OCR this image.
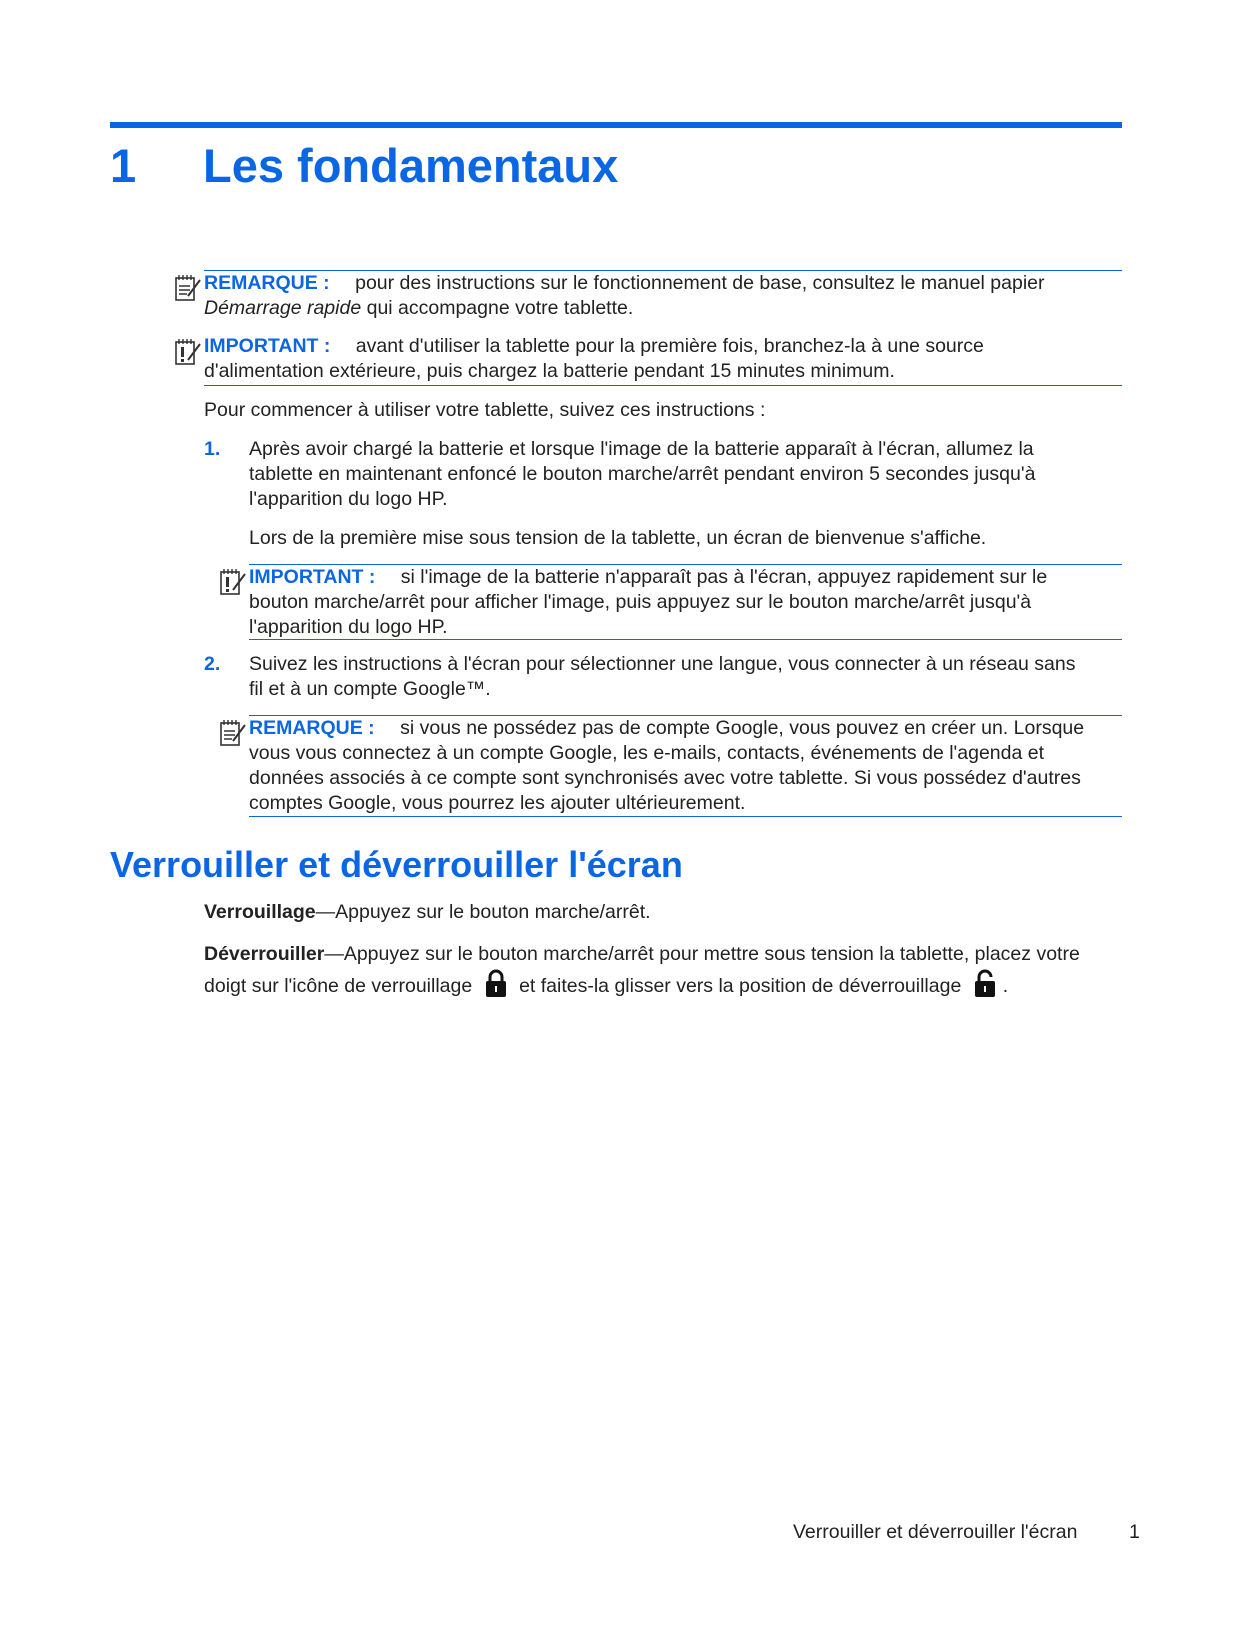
1 Les fondamentaux
REMARQUE : pour des instructions sur le fonctionnement de base, consultez le manuel papier
Démarrage rapide qui accompagne votre tablette.
IMPORTANT : avant d'utiliser la tablette pour la première fois, branchez-la à une source
d'alimentation extérieure, puis chargez la batterie pendant 15 minutes minimum.
Pour commencer à utiliser votre tablette, suivez ces instructions :
1. Après avoir chargé la batterie et lorsque l'image de la batterie apparaît à l'écran, allumez la
tablette en maintenant enfoncé le bouton marche/arrêt pendant environ 5 secondes jusqu'à
l'apparition du logo HP.
Lors de la première mise sous tension de la tablette, un écran de bienvenue s'affiche.
IMPORTANT : si l'image de la batterie n'apparaît pas à l'écran, appuyez rapidement sur le
bouton marche/arrêt pour afficher l'image, puis appuyez sur le bouton marche/arrêt jusqu'à
l'apparition du logo HP.
2. Suivez les instructions à l'écran pour sélectionner une langue, vous connecter à un réseau sans
fil et à un compte Google™.
REMARQUE : si vous ne possédez pas de compte Google, vous pouvez en créer un. Lorsque
vous vous connectez à un compte Google, les e-mails, contacts, événements de l'agenda et
données associés à ce compte sont synchronisés avec votre tablette. Si vous possédez d'autres
comptes Google, vous pourrez les ajouter ultérieurement.
Verrouiller et déverrouiller l'écran
Verrouillage—Appuyez sur le bouton marche/arrêt.
Déverrouiller—Appuyez sur le bouton marche/arrêt pour mettre sous tension la tablette, placez votre
doigt sur l'icône de verrouillage et faites-la glisser vers la position de déverrouillage .
Verrouiller et déverrouiller l'écran	1
